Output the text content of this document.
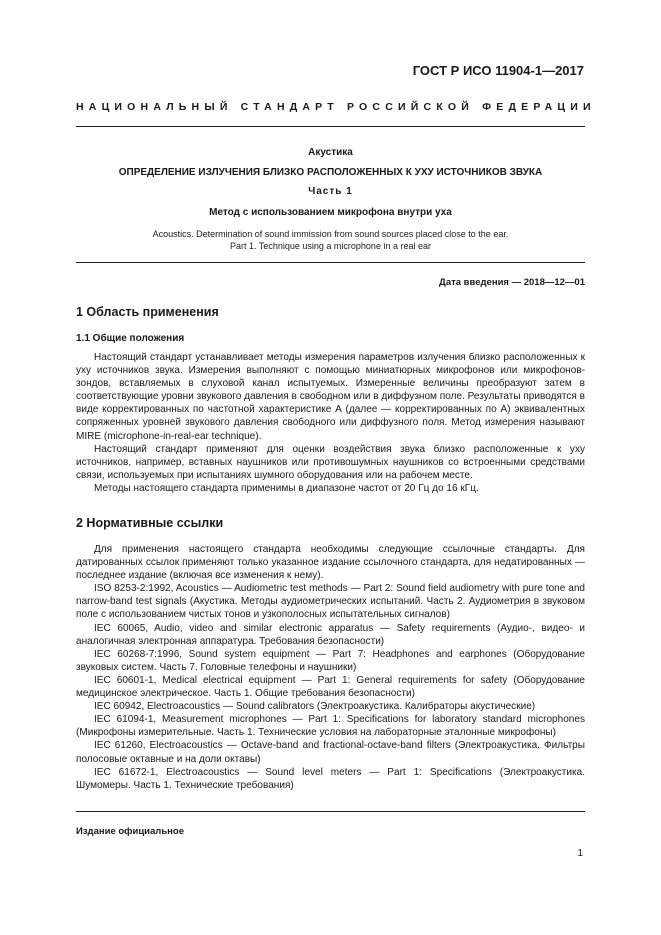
ГОСТ Р ИСО 11904-1—2017
НАЦИОНАЛЬНЫЙ СТАНДАРТ РОССИЙСКОЙ ФЕДЕРАЦИИ
Акустика
ОПРЕДЕЛЕНИЕ ИЗЛУЧЕНИЯ БЛИЗКО РАСПОЛОЖЕННЫХ К УХУ ИСТОЧНИКОВ ЗВУКА
Часть 1
Метод с использованием микрофона внутри уха
Acoustics. Determination of sound immission from sound sources placed close to the ear.
Part 1. Technique using a microphone in a real ear
Дата введения — 2018—12—01
1 Область применения
1.1 Общие положения

Настоящий стандарт устанавливает методы измерения параметров излучения близко расположенных к уху источников звука. Измерения выполняют с помощью миниатюрных микрофонов или микрофонов-зондов, вставляемых в слуховой канал испытуемых. Измеренные величины преобразуют затем в соответствующие уровни звукового давления в свободном или в диффузном поле. Результаты приводятся в виде корректированных по частотной характеристике А (далее — корректированных по А) эквивалентных сопряженных уровней звукового давления свободного или диффузного поля. Метод измерения называют MIRE (microphone-in-real-ear technique).

Настоящий стандарт применяют для оценки воздействия звука близко расположенные к уху источников, например, вставных наушников или противошумных наушников со встроенными средствами связи, используемых при испытаниях шумного оборудования или на рабочем месте.

Методы настоящего стандарта применимы в диапазоне частот от 20 Гц до 16 кГц.

2 Нормативные ссылки

Для применения настоящего стандарта необходимы следующие ссылочные стандарты. Для датированных ссылок применяют только указанное издание ссылочного стандарта, для недатированных — последнее издание (включая все изменения к нему).

ISO 8253-2:1992, Acoustics — Audiometric test methods — Part 2: Sound field audiometry with pure tone and narrow-band test signals (Акустика. Методы аудиометрических испытаний. Часть 2. Аудиометрия в звуковом поле с использованием чистых тонов и узкополосных испытательных сигналов)

IEC 60065, Audio, video and similar electronic apparatus — Safety requirements (Аудио-, видео- и аналогичная электронная аппаратура. Требования безопасности)

IEC 60268-7:1996, Sound system equipment — Part 7: Headphones and earphones (Оборудование звуковых систем. Часть 7. Головные телефоны и наушники)

IEC 60601-1, Medical electrical equipment — Part 1: General requirements for safety (Оборудование медицинское электрическое. Часть 1. Общие требования безопасности)

IEC 60942, Electroacoustics — Sound calibrators (Электроакустика. Калибраторы акустические)

IEC 61094-1, Measurement microphones — Part 1: Specifications for laboratory standard microphones (Микрофоны измерительные. Часть 1. Технические условия на лабораторные эталонные микрофоны)

IEC 61260, Electroacoustics — Octave-band and fractional-octave-band filters (Электроакустика. Фильтры полосовые октавные и на доли октавы)

IEC 61672-1, Electroacoustics — Sound level meters — Part 1: Specifications (Электроакустика. Шумомеры. Часть 1. Технические требования)

Издание официальное
1
